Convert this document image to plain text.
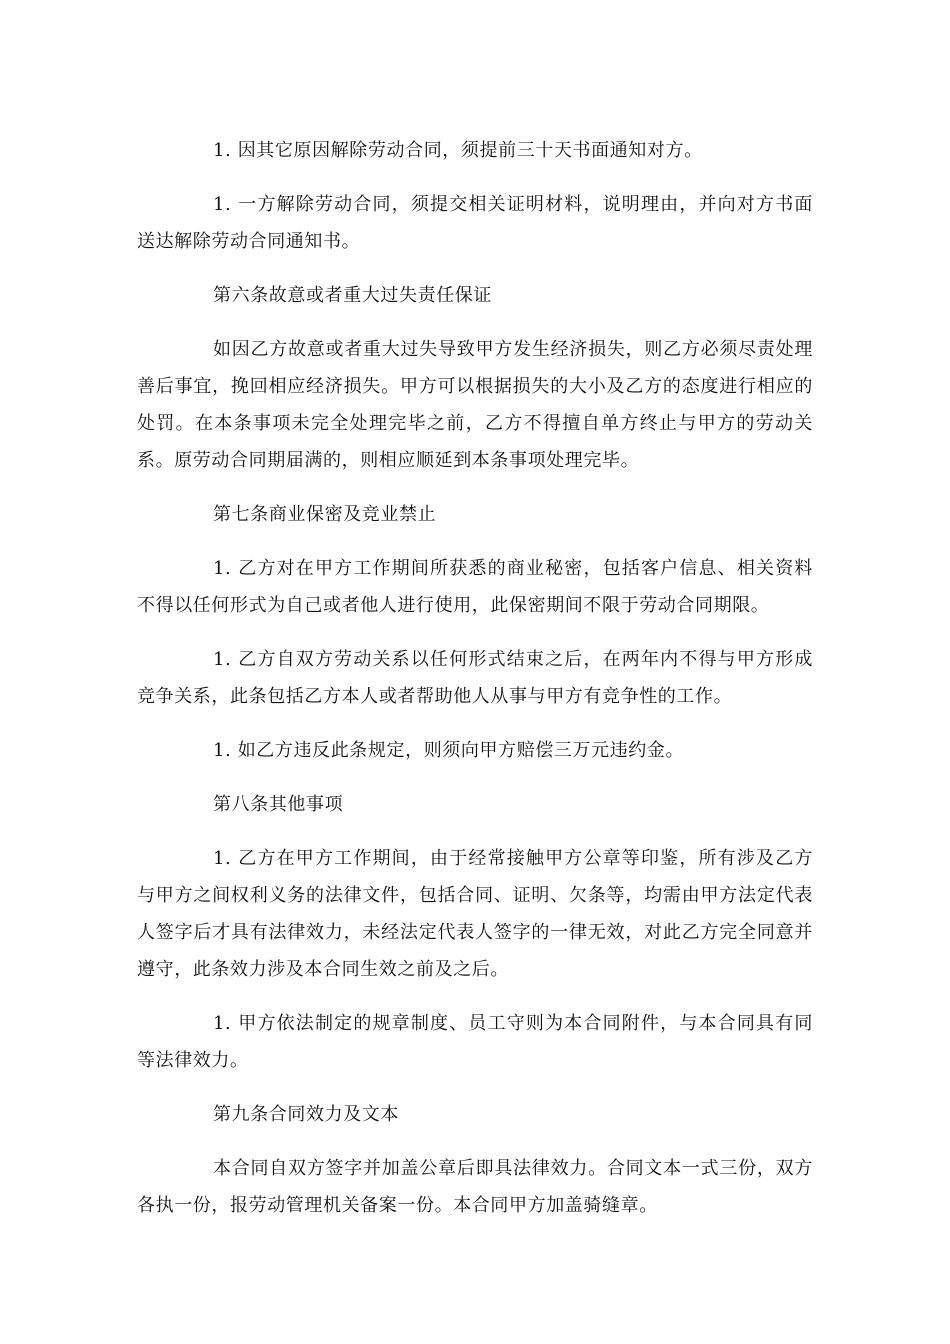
1. 因其它原因解除劳动合同，须提前三十天书面通知对方。

1. 一方解除劳动合同，须提交相关证明材料，说明理由，并向对方书面送达解除劳动合同通知书。

第六条故意或者重大过失责任保证

如因乙方故意或者重大过失导致甲方发生经济损失，则乙方必须尽责处理善后事宜，挽回相应经济损失。甲方可以根据损失的大小及乙方的态度进行相应的处罚。在本条事项未完全处理完毕之前，乙方不得擅自单方终止与甲方的劳动关系。原劳动合同期届满的，则相应顺延到本条事项处理完毕。

第七条商业保密及竞业禁止

1. 乙方对在甲方工作期间所获悉的商业秘密，包括客户信息、相关资料不得以任何形式为自己或者他人进行使用，此保密期间不限于劳动合同期限。

1. 乙方自双方劳动关系以任何形式结束之后，在两年内不得与甲方形成竞争关系，此条包括乙方本人或者帮助他人从事与甲方有竞争性的工作。

1. 如乙方违反此条规定，则须向甲方赔偿三万元违约金。

第八条其他事项

1. 乙方在甲方工作期间，由于经常接触甲方公章等印鉴，所有涉及乙方与甲方之间权利义务的法律文件，包括合同、证明、欠条等，均需由甲方法定代表人签字后才具有法律效力，未经法定代表人签字的一律无效，对此乙方完全同意并遵守，此条效力涉及本合同生效之前及之后。

1. 甲方依法制定的规章制度、员工守则为本合同附件，与本合同具有同等法律效力。

第九条合同效力及文本

本合同自双方签字并加盖公章后即具法律效力。合同文本一式三份，双方各执一份，报劳动管理机关备案一份。本合同甲方加盖骑缝章。
